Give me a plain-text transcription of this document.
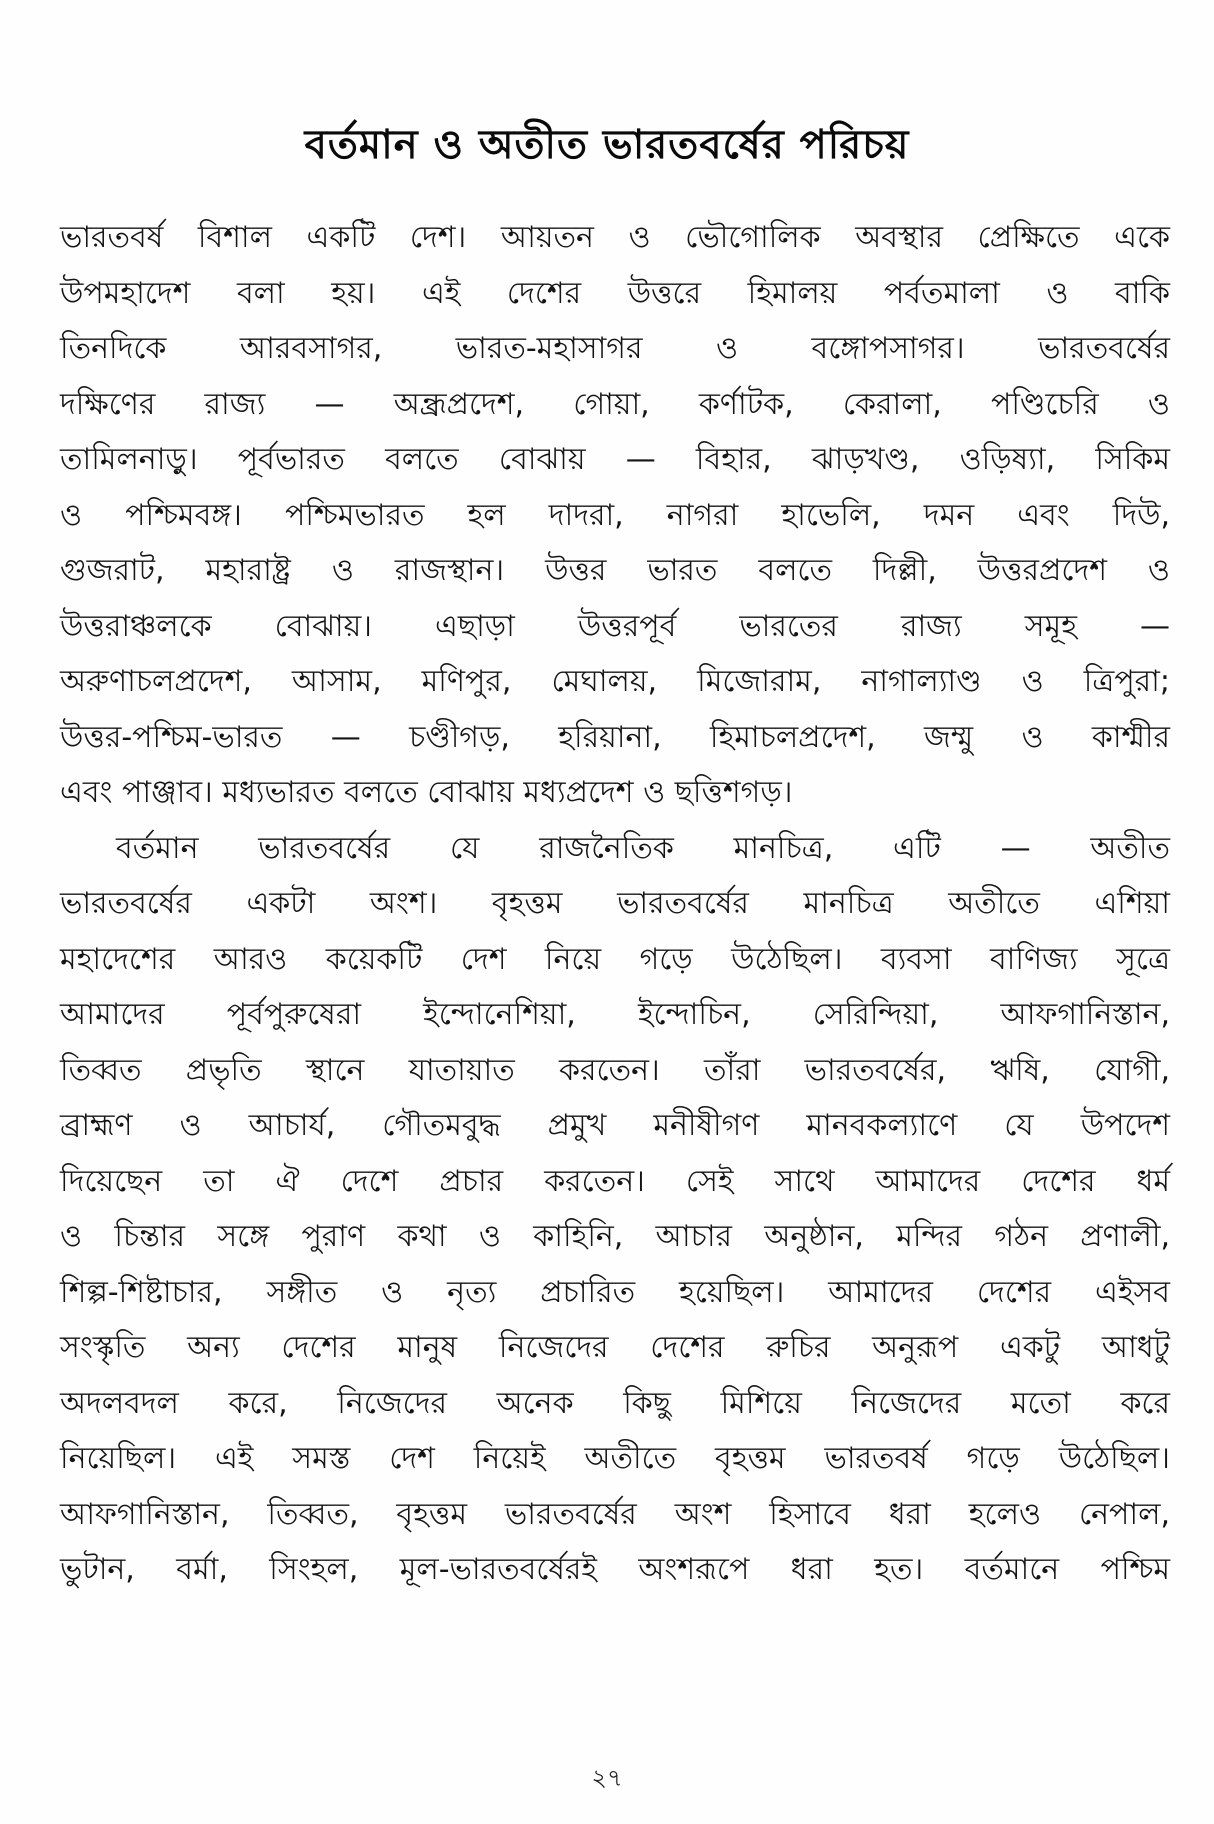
বর্তমান ও অতীত ভারতবর্ষের পরিচয়
ভারতবর্ষ বিশাল একটি দেশ। আয়তন ও ভৌগোলিক অবস্থার প্রেক্ষিতে একে
উপমহাদেশ বলা হয়। এই দেশের উত্তরে হিমালয় পর্বতমালা ও বাকি
তিনদিকে আরবসাগর, ভারত-মহাসাগর ও বঙ্গোপসাগর। ভারতবর্ষের
দক্ষিণের রাজ্য — অন্ধ্রপ্রদেশ, গোয়া, কর্ণাটক, কেরালা, পণ্ডিচেরি ও
তামিলনাড়ু। পূর্বভারত বলতে বোঝায় — বিহার, ঝাড়খণ্ড, ওড়িষ্যা, সিকিম
ও পশ্চিমবঙ্গ। পশ্চিমভারত হল দাদরা, নাগরা হাভেলি, দমন এবং দিউ,
গুজরাট, মহারাষ্ট্র ও রাজস্থান। উত্তর ভারত বলতে দিল্লী, উত্তরপ্রদেশ ও
উত্তরাঞ্চলকে বোঝায়। এছাড়া উত্তরপূর্ব ভারতের রাজ্য সমূহ —
অরুণাচলপ্রদেশ, আসাম, মণিপুর, মেঘালয়, মিজোরাম, নাগাল্যাণ্ড ও ত্রিপুরা;
উত্তর-পশ্চিম-ভারত — চণ্ডীগড়, হরিয়ানা, হিমাচলপ্রদেশ, জম্মু ও কাশ্মীর
এবং পাঞ্জাব। মধ্যভারত বলতে বোঝায় মধ্যপ্রদেশ ও ছত্তিশগড়।
বর্তমান ভারতবর্ষের যে রাজনৈতিক মানচিত্র, এটি — অতীত
ভারতবর্ষের একটা অংশ। বৃহত্তম ভারতবর্ষের মানচিত্র অতীতে এশিয়া
মহাদেশের আরও কয়েকটি দেশ নিয়ে গড়ে উঠেছিল। ব্যবসা বাণিজ্য সূত্রে
আমাদের পূর্বপুরুষেরা ইন্দোনেশিয়া, ইন্দোচিন, সেরিন্দিয়া, আফগানিস্তান,
তিব্বত প্রভৃতি স্থানে যাতায়াত করতেন। তাঁরা ভারতবর্ষের, ঋষি, যোগী,
ব্রাহ্মণ ও আচার্য, গৌতমবুদ্ধ প্রমুখ মনীষীগণ মানবকল্যাণে যে উপদেশ
দিয়েছেন তা ঐ দেশে প্রচার করতেন। সেই সাথে আমাদের দেশের ধর্ম
ও চিন্তার সঙ্গে পুরাণ কথা ও কাহিনি, আচার অনুষ্ঠান, মন্দির গঠন প্রণালী,
শিল্প-শিষ্টাচার, সঙ্গীত ও নৃত্য প্রচারিত হয়েছিল। আমাদের দেশের এইসব
সংস্কৃতি অন্য দেশের মানুষ নিজেদের দেশের রুচির অনুরূপ একটু আধটু
অদলবদল করে, নিজেদের অনেক কিছু মিশিয়ে নিজেদের মতো করে
নিয়েছিল। এই সমস্ত দেশ নিয়েই অতীতে বৃহত্তম ভারতবর্ষ গড়ে উঠেছিল।
আফগানিস্তান, তিব্বত, বৃহত্তম ভারতবর্ষের অংশ হিসাবে ধরা হলেও নেপাল,
ভুটান, বর্মা, সিংহল, মূল-ভারতবর্ষেরই অংশরূপে ধরা হত। বর্তমানে পশ্চিম
২৭
